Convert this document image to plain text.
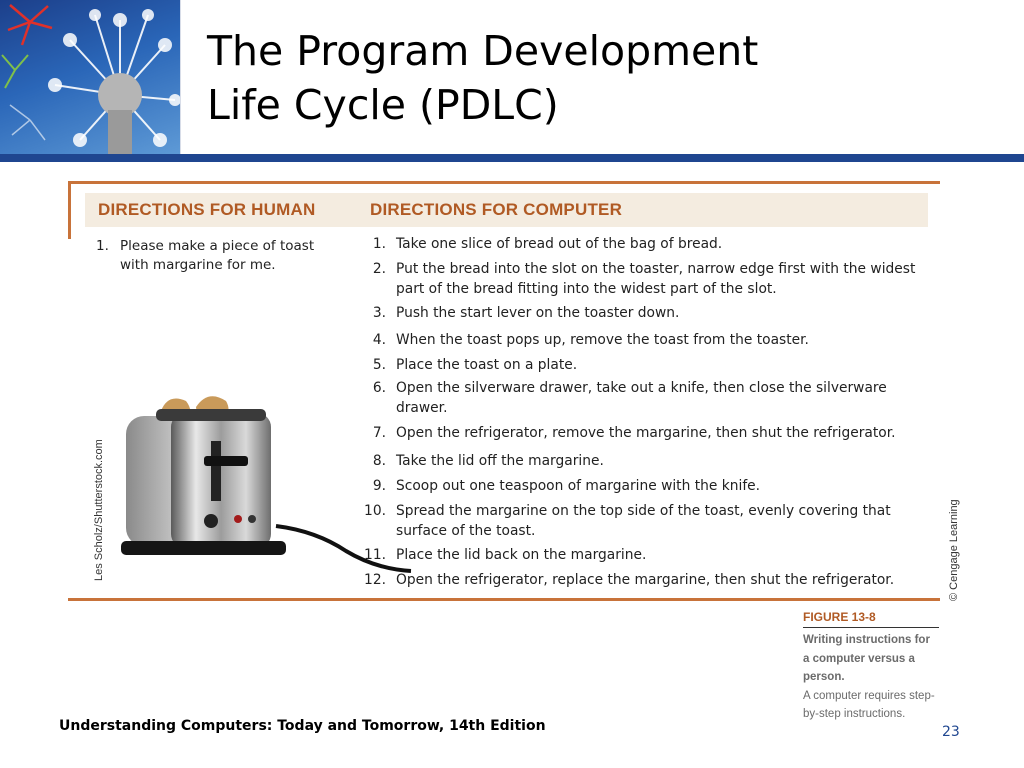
The Program Development
Life Cycle (PDLC)
DIRECTIONS FOR HUMAN	DIRECTIONS FOR COMPUTER
1. Please make a piece of toast with margarine for me.
1. Take one slice of bread out of the bag of bread.
2. Put the bread into the slot on the toaster, narrow edge first with the widest part of the bread fitting into the widest part of the slot.
3. Push the start lever on the toaster down.
4. When the toast pops up, remove the toast from the toaster.
5. Place the toast on a plate.
6. Open the silverware drawer, take out a knife, then close the silverware drawer.
7. Open the refrigerator, remove the margarine, then shut the refrigerator.
8. Take the lid off the margarine.
9. Scoop out one teaspoon of margarine with the knife.
10. Spread the margarine on the top side of the toast, evenly covering that surface of the toast.
11. Place the lid back on the margarine.
12. Open the refrigerator, replace the margarine, then shut the refrigerator.
Les Scholz/Shutterstock.com	© Cengage Learning
FIGURE 13-8
Writing instructions for a computer versus a person.
A computer requires step-by-step instructions.
Understanding Computers: Today and Tomorrow, 14th Edition	23
